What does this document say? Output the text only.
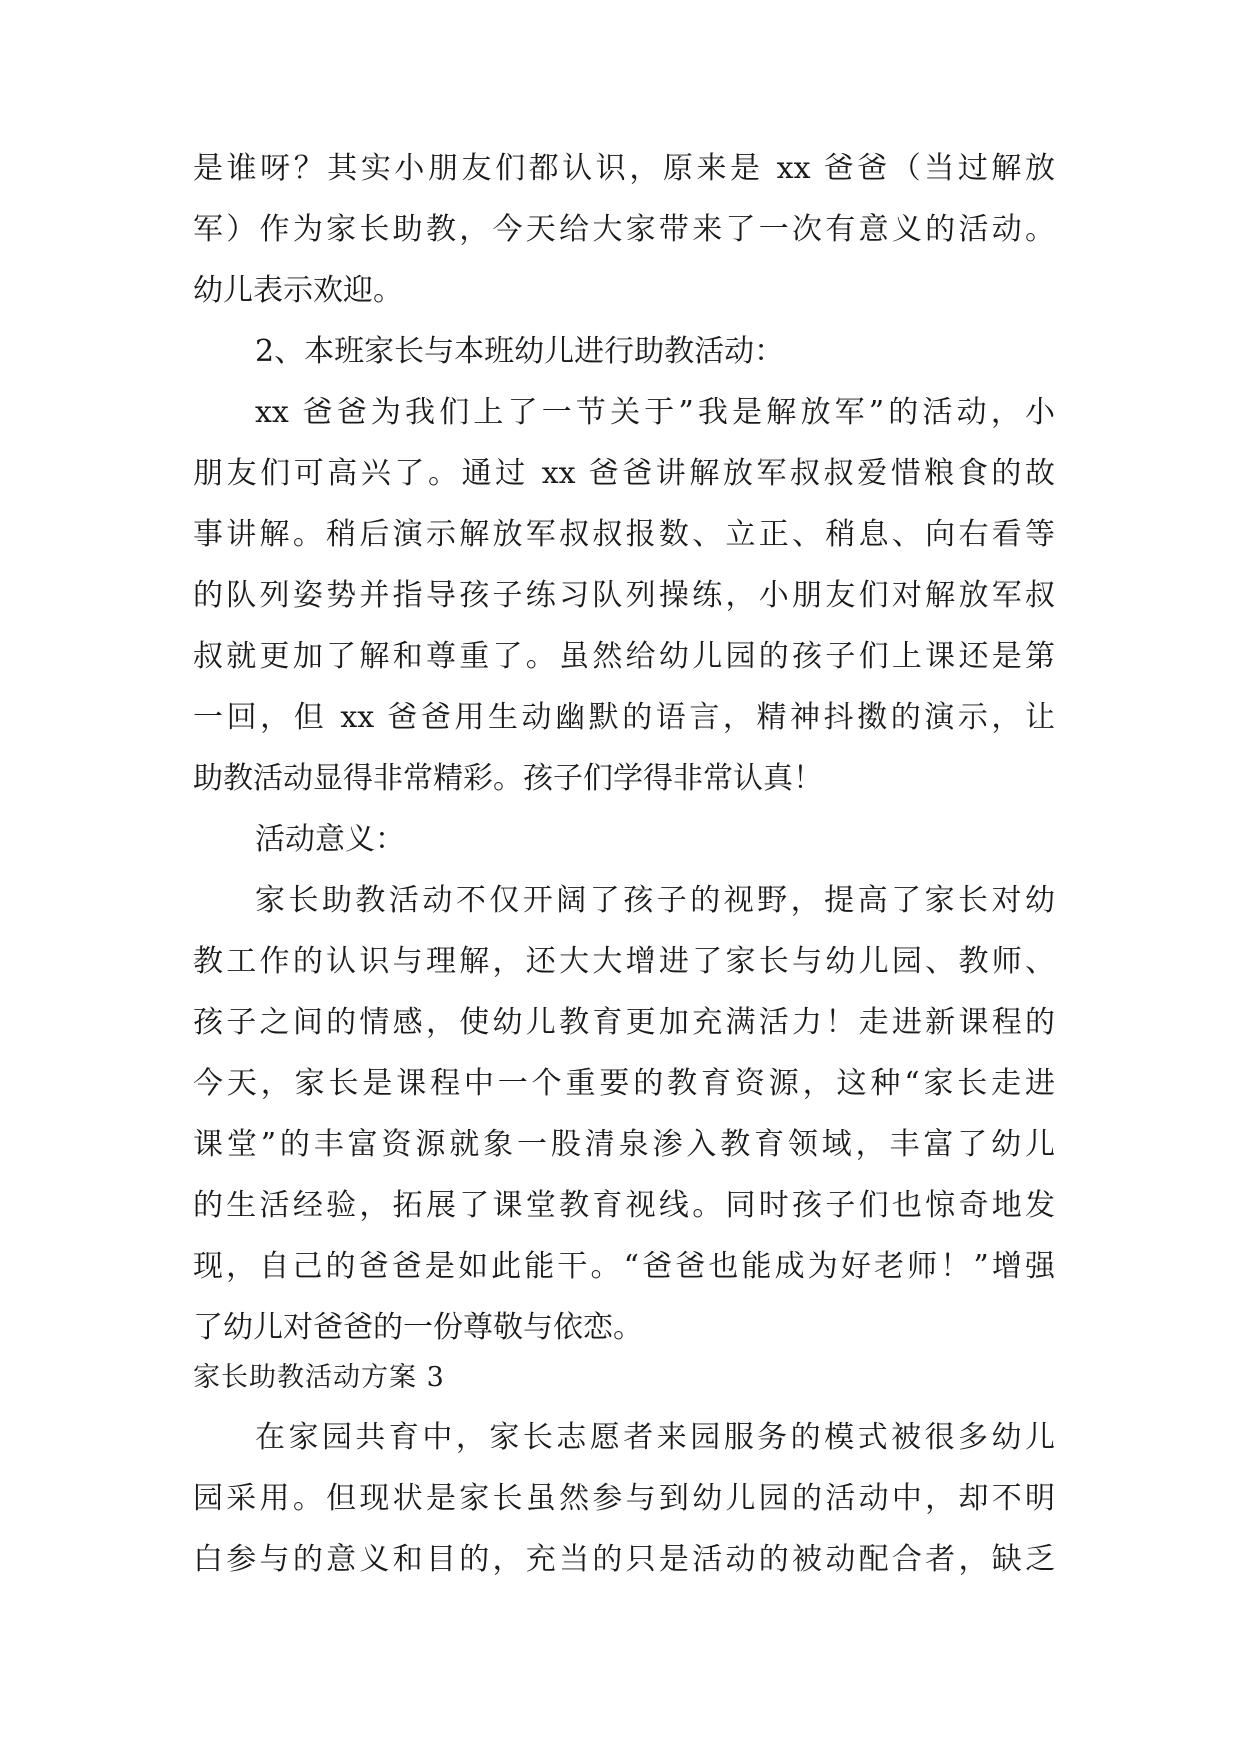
是谁呀？其实小朋友们都认识，原来是 xx 爸爸（当过解放
军）作为家长助教，今天给大家带来了一次有意义的活动。
幼儿表示欢迎。
2、本班家长与本班幼儿进行助教活动：
xx 爸爸为我们上了一节关于”我是解放军”的活动，小
朋友们可高兴了。通过 xx 爸爸讲解放军叔叔爱惜粮食的故
事讲解。稍后演示解放军叔叔报数、立正、稍息、向右看等
的队列姿势并指导孩子练习队列操练，小朋友们对解放军叔
叔就更加了解和尊重了。虽然给幼儿园的孩子们上课还是第
一回，但 xx 爸爸用生动幽默的语言，精神抖擞的演示，让
助教活动显得非常精彩。孩子们学得非常认真！
活动意义：
家长助教活动不仅开阔了孩子的视野，提高了家长对幼
教工作的认识与理解，还大大增进了家长与幼儿园、教师、
孩子之间的情感，使幼儿教育更加充满活力！走进新课程的
今天，家长是课程中一个重要的教育资源，这种“家长走进
课堂”的丰富资源就象一股清泉渗入教育领域，丰富了幼儿
的生活经验，拓展了课堂教育视线。同时孩子们也惊奇地发
现，自己的爸爸是如此能干。“爸爸也能成为好老师！”增强
了幼儿对爸爸的一份尊敬与依恋。
家长助教活动方案 3
在家园共育中，家长志愿者来园服务的模式被很多幼儿
园采用。但现状是家长虽然参与到幼儿园的活动中，却不明
白参与的意义和目的，充当的只是活动的被动配合者，缺乏
